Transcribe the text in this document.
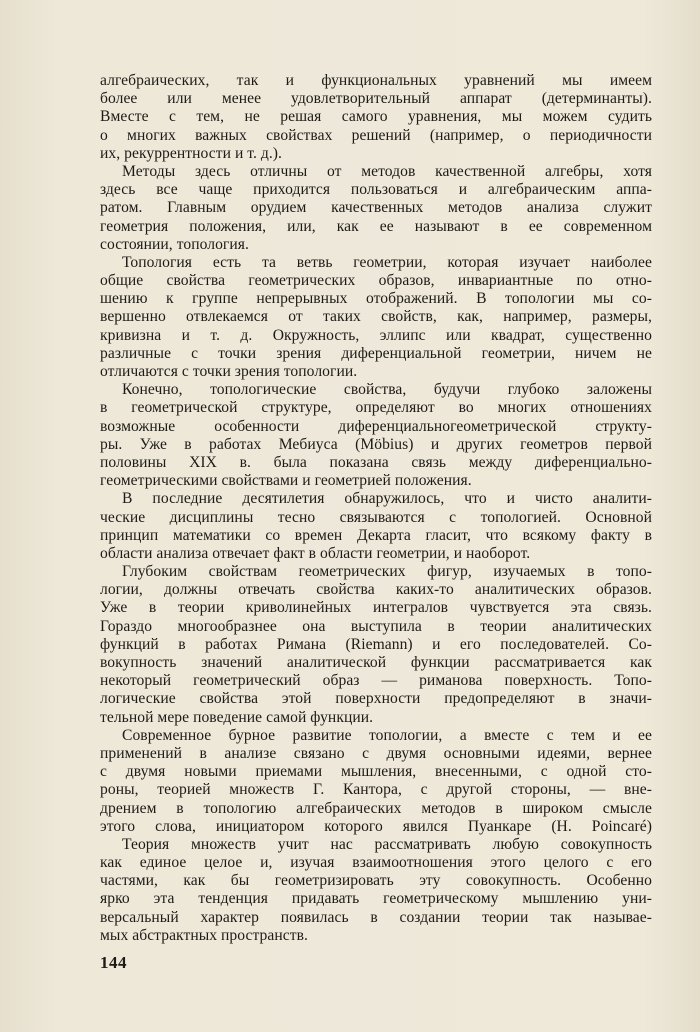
алгебраических, так и функциональных уравнений мы имеем
более или менее удовлетворительный аппарат (детерминанты).
Вместе с тем, не решая самого уравнения, мы можем судить
о многих важных свойствах решений (например, о периодичности
их, рекуррентности и т. д.).

Методы здесь отличны от методов качественной алгебры, хотя
здесь все чаще приходится пользоваться и алгебраическим аппа-
ратом. Главным орудием качественных методов анализа служит
геометрия положения, или, как ее называют в ее современном
состоянии, топология.

Топология есть та ветвь геометрии, которая изучает наиболее
общие свойства геометрических образов, инвариантные по отно-
шению к группе непрерывных отображений. В топологии мы со-
вершенно отвлекаемся от таких свойств, как, например, размеры,
кривизна и т. д. Окружность, эллипс или квадрат, существенно
различные с точки зрения диференциальной геометрии, ничем не
отличаются с точки зрения топологии.

Конечно, топологические свойства, будучи глубоко заложены
в геометрической структуре, определяют во многих отношениях
возможные особенности диференциальногеометрической структу-
ры. Уже в работах Мебиуса (Möbius) и других геометров первой
половины XIX в. была показана связь между диференциально-
геометрическими свойствами и геометрией положения.

В последние десятилетия обнаружилось, что и чисто аналити-
ческие дисциплины тесно связываются с топологией. Основной
принцип математики со времен Декарта гласит, что всякому факту в
области анализа отвечает факт в области геометрии, и наоборот.

Глубоким свойствам геометрических фигур, изучаемых в топо-
логии, должны отвечать свойства каких-то аналитических образов.
Уже в теории криволинейных интегралов чувствуется эта связь.
Гораздо многообразнее она выступила в теории аналитических
функций в работах Римана (Riemann) и его последователей. Со-
вокупность значений аналитической функции рассматривается как
некоторый геометрический образ — риманова поверхность. Топо-
логические свойства этой поверхности предопределяют в значи-
тельной мере поведение самой функции.

Современное бурное развитие топологии, а вместе с тем и ее
применений в анализе связано с двумя основными идеями, вернее
с двумя новыми приемами мышления, внесенными, с одной сто-
роны, теорией множеств Г. Кантора, с другой стороны, — вне-
дрением в топологию алгебраических методов в широком смысле
этого слова, инициатором которого явился Пуанкаре (H. Poincaré)

Теория множеств учит нас рассматривать любую совокупность
как единое целое и, изучая взаимоотношения этого целого с его
частями, как бы геометризировать эту совокупность. Особенно
ярко эта тенденция придавать геометрическому мышлению уни-
версальный характер появилась в создании теории так называе-
мых абстрактных пространств.

144
